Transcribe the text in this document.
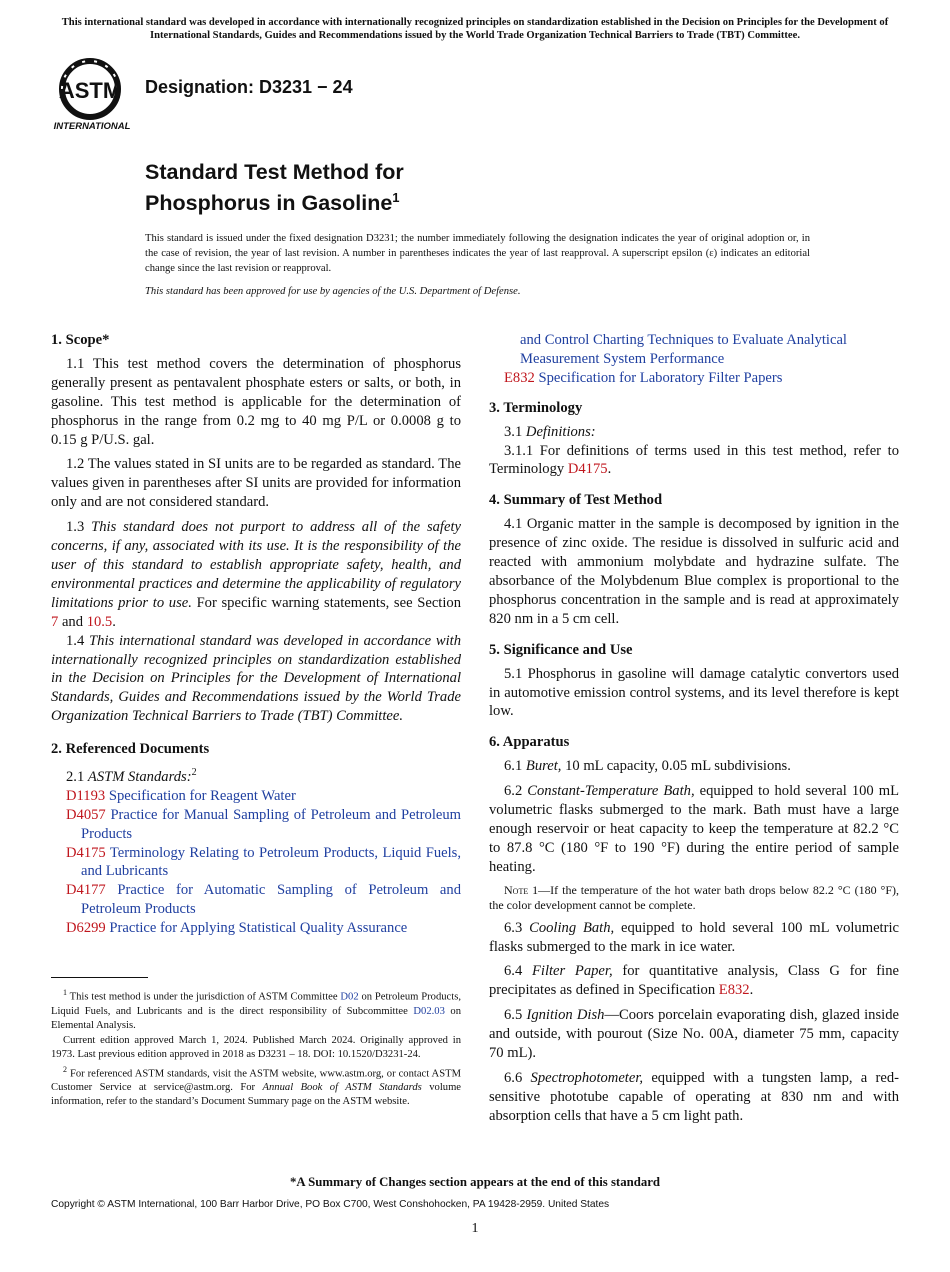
This international standard was developed in accordance with internationally recognized principles on standardization established in the Decision on Principles for the Development of International Standards, Guides and Recommendations issued by the World Trade Organization Technical Barriers to Trade (TBT) Committee.
ASTM
INTERNATIONAL
Designation: D3231 − 24
Standard Test Method for
Phosphorus in Gasoline$^1$
This standard is issued under the fixed designation D3231; the number immediately following the designation indicates the year of original adoption or, in the case of revision, the year of last revision. A number in parentheses indicates the year of last reapproval. A superscript epsilon (ε) indicates an editorial change since the last revision or reapproval.
This standard has been approved for use by agencies of the U.S. Department of Defense.
1. Scope*

1.1 This test method covers the determination of phosphorus generally present as pentavalent phosphate esters or salts, or both, in gasoline. This test method is applicable for the determination of phosphorus in the range from 0.2 mg to 40 mg P/L or 0.0008 g to 0.15 g P/U.S. gal.

1.2 The values stated in SI units are to be regarded as standard. The values given in parentheses after SI units are provided for information only and are not considered standard.

1.3 This standard does not purport to address all of the safety concerns, if any, associated with its use. It is the responsibility of the user of this standard to establish appropriate safety, health, and environmental practices and determine the applicability of regulatory limitations prior to use. For specific warning statements, see Section 7 and 10.5.

1.4 This international standard was developed in accordance with internationally recognized principles on standardization established in the Decision on Principles for the Development of International Standards, Guides and Recommendations issued by the World Trade Organization Technical Barriers to Trade (TBT) Committee.

2. Referenced Documents

2.1 ASTM Standards:$^2$

D1193 Specification for Reagent Water

D4057 Practice for Manual Sampling of Petroleum and Petroleum Products

D4175 Terminology Relating to Petroleum Products, Liquid Fuels, and Lubricants

D4177 Practice for Automatic Sampling of Petroleum and Petroleum Products

D6299 Practice for Applying Statistical Quality Assurance

$^1$ This test method is under the jurisdiction of ASTM Committee D02 on Petroleum Products, Liquid Fuels, and Lubricants and is the direct responsibility of Subcommittee D02.03 on Elemental Analysis.

Current edition approved March 1, 2024. Published March 2024. Originally approved in 1973. Last previous edition approved in 2018 as D3231 – 18. DOI: 10.1520/D3231-24.

$^2$ For referenced ASTM standards, visit the ASTM website, www.astm.org, or contact ASTM Customer Service at service@astm.org. For Annual Book of ASTM Standards volume information, refer to the standard’s Document Summary page on the ASTM website.

and Control Charting Techniques to Evaluate Analytical Measurement System Performance

E832 Specification for Laboratory Filter Papers

3. Terminology

3.1 Definitions:

3.1.1 For definitions of terms used in this test method, refer to Terminology D4175.

4. Summary of Test Method

4.1 Organic matter in the sample is decomposed by ignition in the presence of zinc oxide. The residue is dissolved in sulfuric acid and reacted with ammonium molybdate and hydrazine sulfate. The absorbance of the Molybdenum Blue complex is proportional to the phosphorus concentration in the sample and is read at approximately 820 nm in a 5 cm cell.

5. Significance and Use

5.1 Phosphorus in gasoline will damage catalytic convertors used in automotive emission control systems, and its level therefore is kept low.

6. Apparatus

6.1 Buret, 10 mL capacity, 0.05 mL subdivisions.

6.2 Constant-Temperature Bath, equipped to hold several 100 mL volumetric flasks submerged to the mark. Bath must have a large enough reservoir or heat capacity to keep the temperature at 82.2 °C to 87.8 °C (180 °F to 190 °F) during the entire period of sample heating.

Note 1—If the temperature of the hot water bath drops below 82.2 °C (180 °F), the color development cannot be complete.

6.3 Cooling Bath, equipped to hold several 100 mL volumetric flasks submerged to the mark in ice water.

6.4 Filter Paper, for quantitative analysis, Class G for fine precipitates as defined in Specification E832.

6.5 Ignition Dish—Coors porcelain evaporating dish, glazed inside and outside, with pourout (Size No. 00A, diameter 75 mm, capacity 70 mL).

6.6 Spectrophotometer, equipped with a tungsten lamp, a red-sensitive phototube capable of operating at 830 nm and with absorption cells that have a 5 cm light path.

*A Summary of Changes section appears at the end of this standard
Copyright © ASTM International, 100 Barr Harbor Drive, PO Box C700, West Conshohocken, PA 19428-2959. United States
1
